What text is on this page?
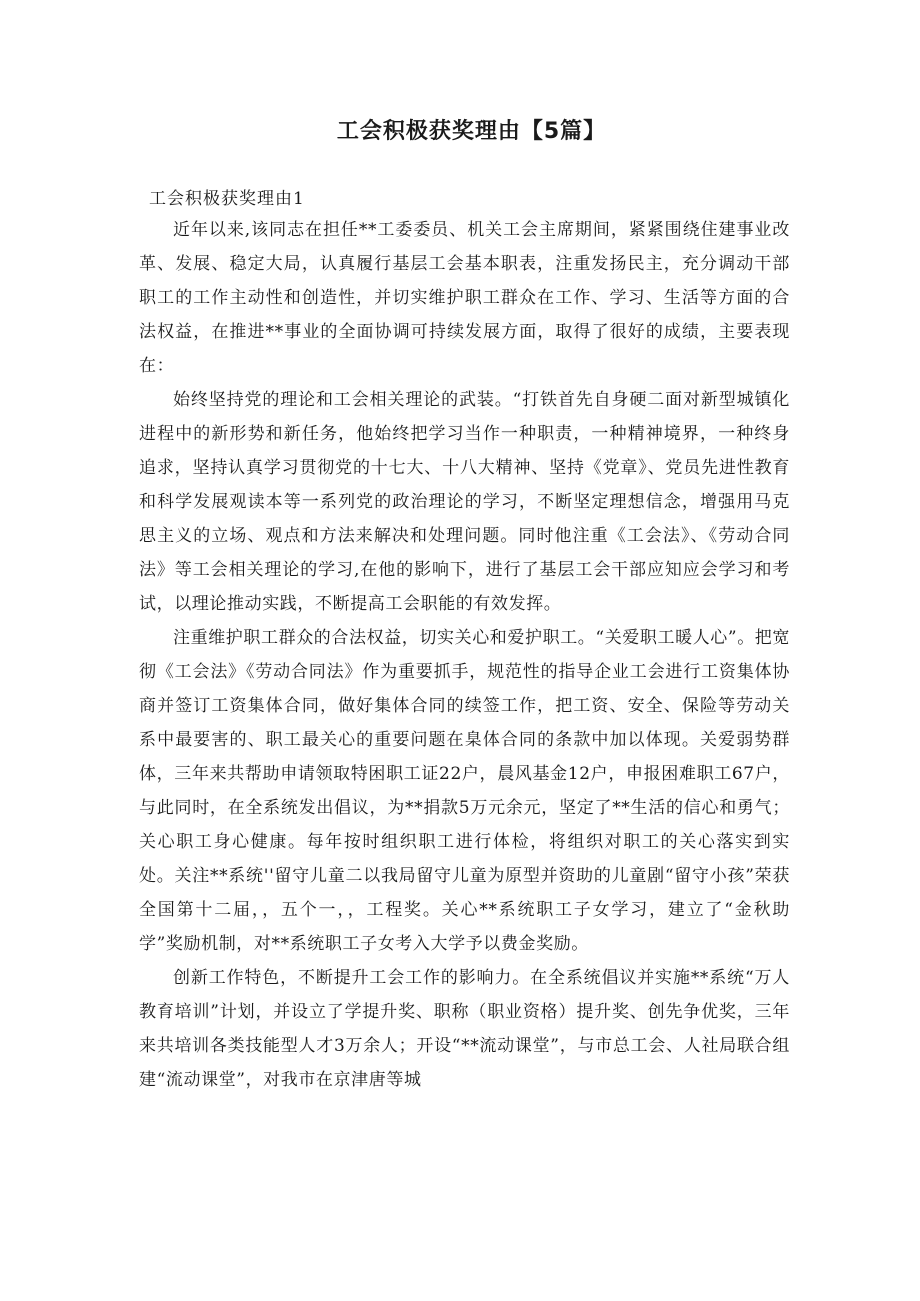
工会积极获奖理由【5篇】
工会积极获奖理由1

近年以来,该同志在担任**工委委员、机关工会主席期间，紧紧围绕住建事业改革、发展、稳定大局，认真履行基层工会基本职表，注重发扬民主，充分调动干部职工的工作主动性和创造性，并切实维护职工群众在工作、学习、生活等方面的合法权益，在推进**事业的全面协调可持续发展方面，取得了很好的成绩，主要表现在：

始终坚持党的理论和工会相关理论的武装。“打铁首先自身硬二面对新型城镇化进程中的新形势和新任务，他始终把学习当作一种职责，一种精神境界，一种终身追求，坚持认真学习贯彻党的十七大、十八大精神、坚持《党章》、党员先进性教育和科学发展观读本等一系列党的政治理论的学习，不断坚定理想信念，增强用马克思主义的立场、观点和方法来解决和处理问题。同时他注重《工会法》、《劳动合同法》等工会相关理论的学习,在他的影响下，进行了基层工会干部应知应会学习和考试，以理论推动实践，不断提高工会职能的有效发挥。

注重维护职工群众的合法权益，切实关心和爱护职工。“关爱职工暖人心”。把宽彻《工会法》《劳动合同法》作为重要抓手，规范性的指导企业工会进行工资集体协商并签订工资集体合同，做好集体合同的续签工作，把工资、安全、保险等劳动关系中最要害的、职工最关心的重要问题在臬体合同的条款中加以体现。关爱弱势群体，三年来共帮助申请领取特困职工证22户，晨风基金12户，申报困难职工67户，与此同时，在全系统发出倡议，为**捐款5万元余元，坚定了**生活的信心和勇气；关心职工身心健康。每年按时组织职工进行体检，将组织对职工的关心落实到实处。关注**系统''留守儿童二以我局留守儿童为原型并资助的儿童剧“留守小孩”荣获全国第十二届，，五个一，，工程奖。关心**系统职工子女学习，建立了“金秋助学”奖励机制，对**系统职工子女考入大学予以费金奖励。

创新工作特色，不断提升工会工作的影响力。在全系统倡议并实施**系统“万人教育培训”计划，并设立了学提升奖、职称（职业资格）提升奖、创先争优奖，三年来共培训各类技能型人才3万余人；开设“**流动课堂”，与市总工会、人社局联合组建“流动课堂”，对我市在京津唐等城
